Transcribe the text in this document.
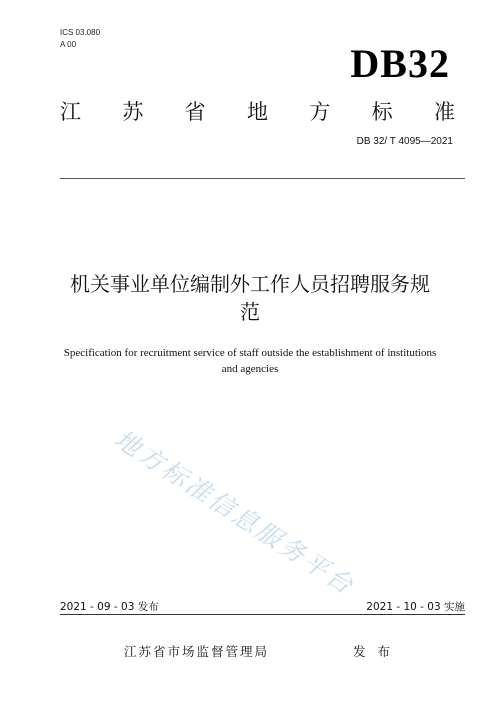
ICS 03.080
A 00	DB32
江 苏 省 地 方 标 准
DB 32/ T 4095—2021
机关事业单位编制外工作人员招聘服务规
范
Specification for recruitment service of staff outside the establishment of institutions
and agencies
地方标准信息服务平台
2021 - 09 - 03 发布	2021 - 10 - 03 实施
江苏省市场监督管理局	发 布
